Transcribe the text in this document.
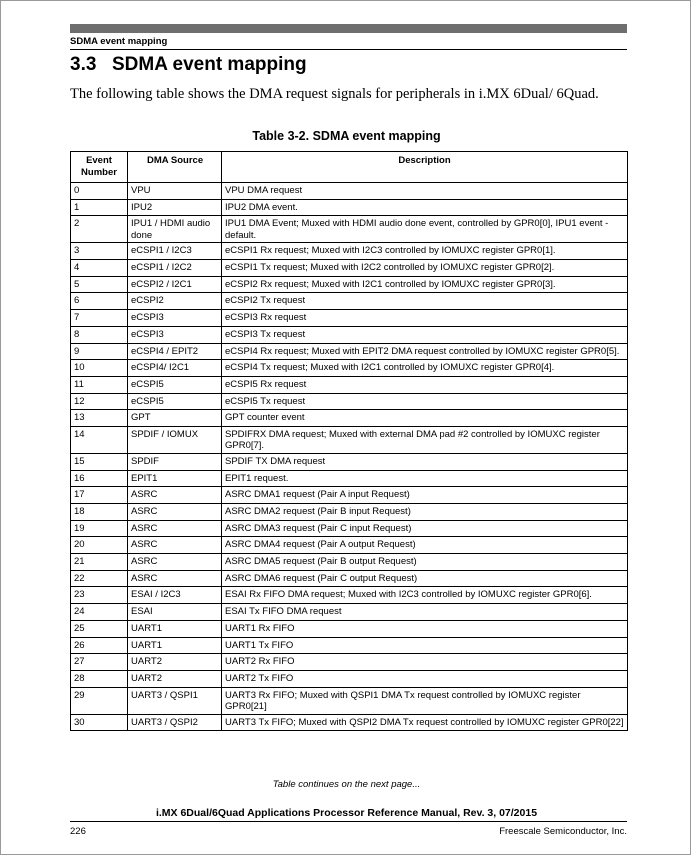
SDMA event mapping
3.3 SDMA event mapping
The following table shows the DMA request signals for peripherals in i.MX 6Dual/ 6Quad.
Table 3-2. SDMA event mapping
Event Number	DMA Source	Description
0	VPU	VPU DMA request
1	IPU2	IPU2 DMA event.
2	IPU1 / HDMI audio done	IPU1 DMA Event; Muxed with HDMI audio done event, controlled by GPR0[0], IPU1 event - default.
3	eCSPI1 / I2C3	eCSPI1 Rx request; Muxed with I2C3 controlled by IOMUXC register GPR0[1].
4	eCSPI1 / I2C2	eCSPI1 Tx request; Muxed with I2C2 controlled by IOMUXC register GPR0[2].
5	eCSPI2 / I2C1	eCSPI2 Rx request; Muxed with I2C1 controlled by IOMUXC register GPR0[3].
6	eCSPI2	eCSPI2 Tx request
7	eCSPI3	eCSPI3 Rx request
8	eCSPI3	eCSPI3 Tx request
9	eCSPI4 / EPIT2	eCSPI4 Rx request; Muxed with EPIT2 DMA request controlled by IOMUXC register GPR0[5].
10	eCSPI4/ I2C1	eCSPI4 Tx request; Muxed with I2C1 controlled by IOMUXC register GPR0[4].
11	eCSPI5	eCSPI5 Rx request
12	eCSPI5	eCSPI5 Tx request
13	GPT	GPT counter event
14	SPDIF / IOMUX	SPDIFRX DMA request; Muxed with external DMA pad #2 controlled by IOMUXC register GPR0[7].
15	SPDIF	SPDIF TX DMA request
16	EPIT1	EPIT1 request.
17	ASRC	ASRC DMA1 request (Pair A input Request)
18	ASRC	ASRC DMA2 request (Pair B input Request)
19	ASRC	ASRC DMA3 request (Pair C input Request)
20	ASRC	ASRC DMA4 request (Pair A output Request)
21	ASRC	ASRC DMA5 request (Pair B output Request)
22	ASRC	ASRC DMA6 request (Pair C output Request)
23	ESAI / I2C3	ESAI Rx FIFO DMA request; Muxed with I2C3 controlled by IOMUXC register GPR0[6].
24	ESAI	ESAI Tx FIFO DMA request
25	UART1	UART1 Rx FIFO
26	UART1	UART1 Tx FIFO
27	UART2	UART2 Rx FIFO
28	UART2	UART2 Tx FIFO
29	UART3 / QSPI1	UART3 Rx FIFO; Muxed with QSPI1 DMA Tx request controlled by IOMUXC register GPR0[21]
30	UART3 / QSPI2	UART3 Tx FIFO; Muxed with QSPI2 DMA Tx request controlled by IOMUXC register GPR0[22]
Table continues on the next page...
i.MX 6Dual/6Quad Applications Processor Reference Manual, Rev. 3, 07/2015
226	Freescale Semiconductor, Inc.
